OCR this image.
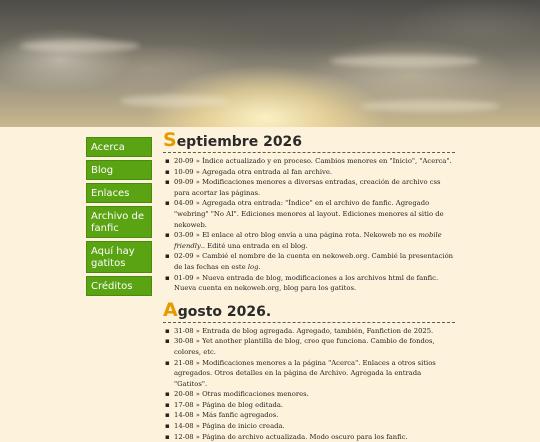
Acerca
Blog
Enlaces
Archivo de fanfic
Aquí hay gatitos
Créditos
Septiembre 2026
▪ 20-09 » Índice actualizado y en proceso. Cambios menores en "Inicio", "Acerca".
▪ 10-09 » Agregada otra entrada al fan archive.
▪ 09-09 » Modificaciones menores a diversas entradas, creación de archivo css para acortar las páginas.
▪ 04-09 » Agregada otra entrada: "Índice" en el archivo de fanfic. Agregado "webring" "No AI". Ediciones menores al layout. Ediciones menores al sitio de nekoweb.
▪ 03-09 » El enlace al otro blog envía a una página rota. Nekoweb no es mobile friendly.. Edité una entrada en el blog.
▪ 02-09 » Cambié el nombre de la cuenta en nekoweb.org. Cambié la presentación de las fechas en este log.
▪ 01-09 » Nueva entrada de blog, modificaciones a los archivos html de fanfic. Nueva cuenta en nekoweb.org, blog para los gatitos.
Agosto 2026.
▪ 31-08 » Entrada de blog agregada. Agregado, también, Fanfiction de 2025.
▪ 30-08 » Yet another plantilla de blog, creo que funciona. Cambio de fondos, colores, etc.
▪ 21-08 » Modificaciones menores a la página "Acerca". Enlaces a otros sitios agregados. Otros detalles en la página de Archivo. Agregada la entrada "Gatitos".
▪ 20-08 » Otras modificaciones menores.
▪ 17-08 » Página de blog editada.
▪ 14-08 » Más fanfic agregados.
▪ 14-08 » Página de inicio creada.
▪ 12-08 » Página de archivo actualizada. Modo oscuro para los fanfic.
